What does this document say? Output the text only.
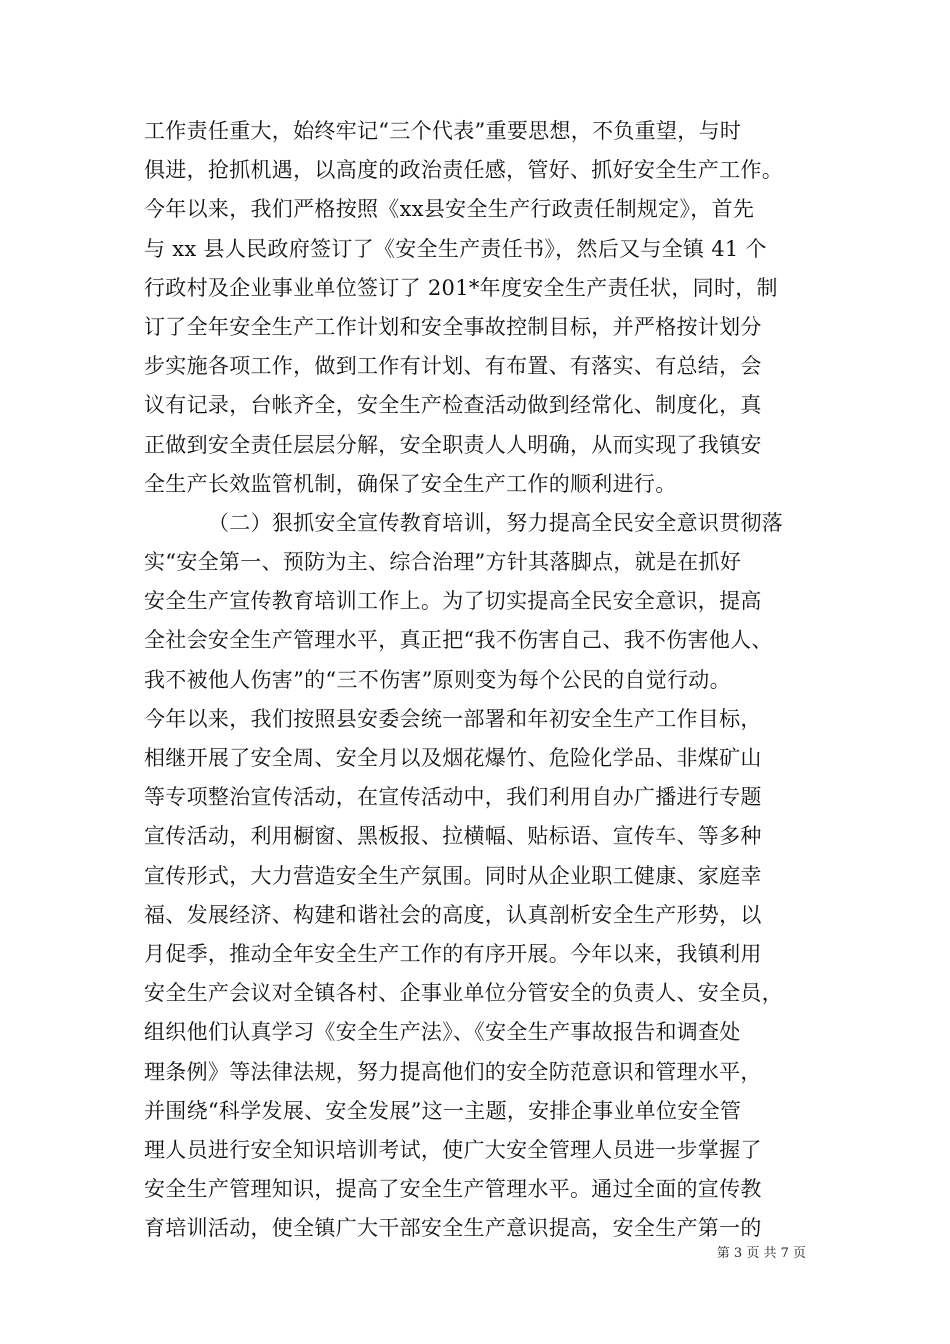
工作责任重大，始终牢记“三个代表”重要思想，不负重望，与时
俱进，抢抓机遇，以高度的政治责任感，管好、抓好安全生产工作。
今年以来，我们严格按照《xx县安全生产行政责任制规定》，首先
与 xx 县人民政府签订了《安全生产责任书》，然后又与全镇 41 个
行政村及企业事业单位签订了 201*年度安全生产责任状，同时，制
订了全年安全生产工作计划和安全事故控制目标，并严格按计划分
步实施各项工作，做到工作有计划、有布置、有落实、有总结，会
议有记录，台帐齐全，安全生产检查活动做到经常化、制度化，真
正做到安全责任层层分解，安全职责人人明确，从而实现了我镇安
全生产长效监管机制，确保了安全生产工作的顺利进行。
（二）狠抓安全宣传教育培训，努力提高全民安全意识贯彻落
实“安全第一、预防为主、综合治理”方针其落脚点，就是在抓好
安全生产宣传教育培训工作上。为了切实提高全民安全意识，提高
全社会安全生产管理水平，真正把“我不伤害自己、我不伤害他人、
我不被他人伤害”的“三不伤害”原则变为每个公民的自觉行动。
今年以来，我们按照县安委会统一部署和年初安全生产工作目标，
相继开展了安全周、安全月以及烟花爆竹、危险化学品、非煤矿山
等专项整治宣传活动，在宣传活动中，我们利用自办广播进行专题
宣传活动，利用橱窗、黑板报、拉横幅、贴标语、宣传车、等多种
宣传形式，大力营造安全生产氛围。同时从企业职工健康、家庭幸
福、发展经济、构建和谐社会的高度，认真剖析安全生产形势，以
月促季，推动全年安全生产工作的有序开展。今年以来，我镇利用
安全生产会议对全镇各村、企事业单位分管安全的负责人、安全员，
组织他们认真学习《安全生产法》、《安全生产事故报告和调查处
理条例》等法律法规，努力提高他们的安全防范意识和管理水平，
并围绕“科学发展、安全发展”这一主题，安排企事业单位安全管
理人员进行安全知识培训考试，使广大安全管理人员进一步掌握了
安全生产管理知识，提高了安全生产管理水平。通过全面的宣传教
育培训活动，使全镇广大干部安全生产意识提高，安全生产第一的
第 3 页 共 7 页
